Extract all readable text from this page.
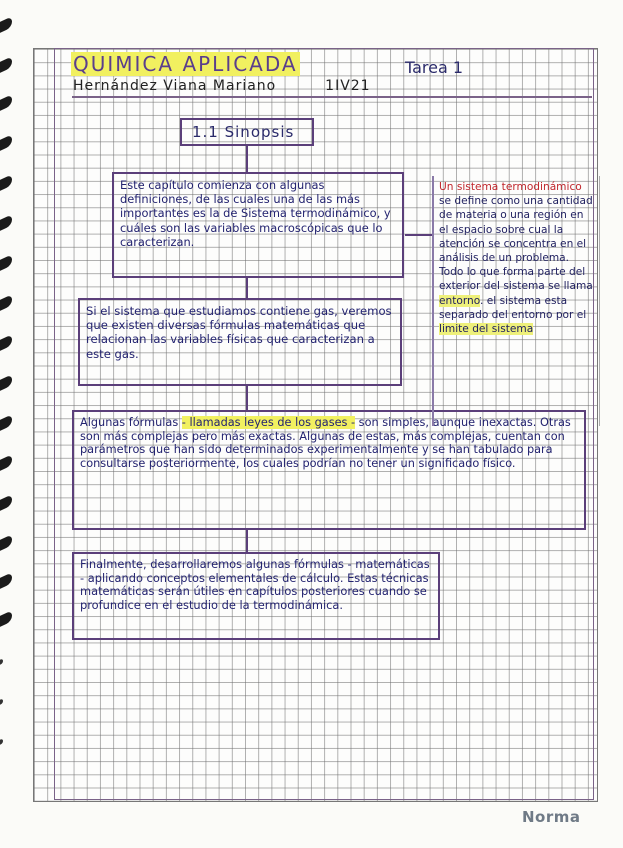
QUIMICA APLICADA	Tarea 1
Hernández Viana Mariano	1IV21
1.1 Sinopsis

Este capítulo comienza con algunas definiciones, de las cuales una de las más importantes es la de Sistema termodinámico, y cuáles son las variables macroscópicas que lo caracterizan.

Si el sistema que estudiamos contiene gas, veremos que existen diversas fórmulas matemáticas que relacionan las variables físicas que caracterizan a este gas.

Algunas fórmulas - llamadas leyes de los gases - son simples, aunque inexactas. Otras son más complejas pero más exactas. Algunas de estas, más complejas, cuentan con parámetros que han sido determinados experimentalmente y se han tabulado para consultarse posteriormente, los cuales podrían no tener un significado físico.

Finalmente, desarrollaremos algunas fórmulas - matemáticas - aplicando conceptos elementales de cálculo. Estas técnicas matemáticas serán útiles en capítulos posteriores cuando se profundice en el estudio de la termodinámica.

Un sistema termodinámico se define como una cantidad de materia o una región en el espacio sobre cual la atención se concentra en el análisis de un problema. Todo lo que forma parte del exterior del sistema se llama entorno. el sistema esta separado del entorno por el limite del sistema
Norma
